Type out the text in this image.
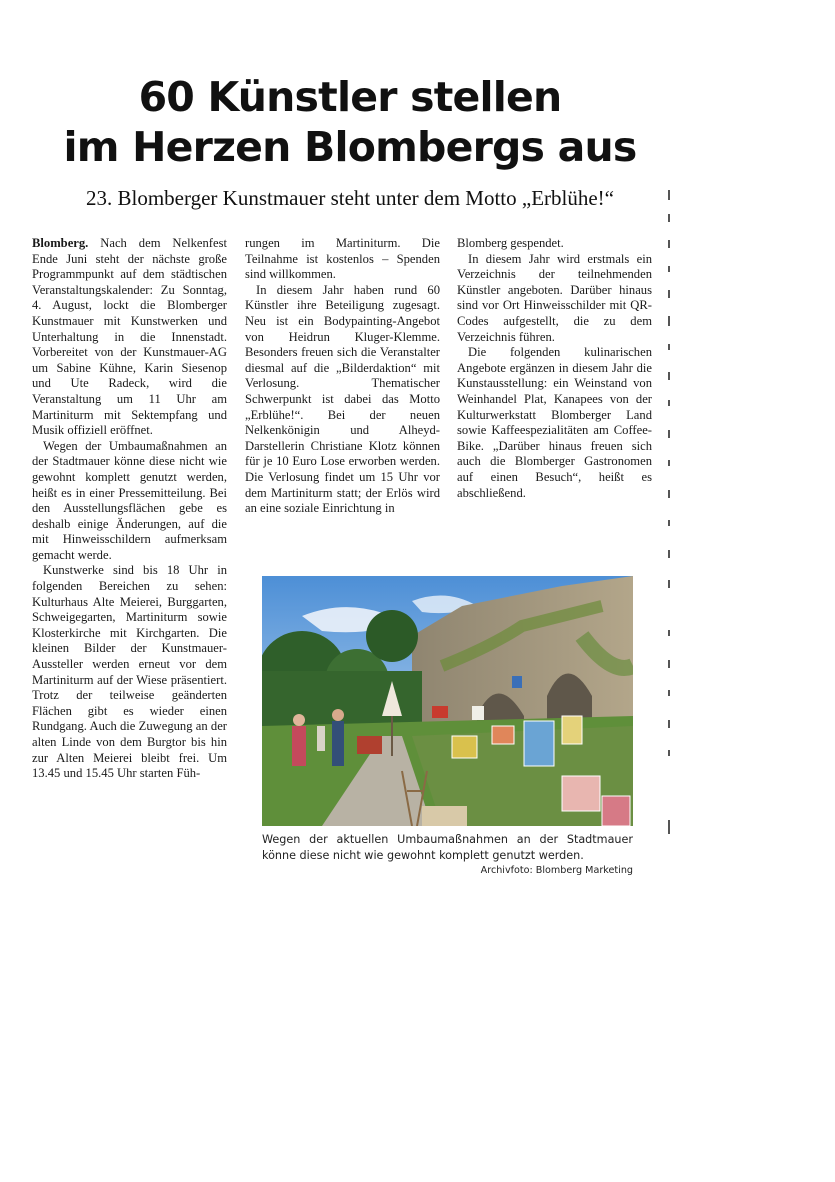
60 Künstler stellen
im Herzen Blombergs aus

23. Blomberger Kunstmauer steht unter dem Motto „Erblühe!“

Blomberg. Nach dem Nelkenfest Ende Juni steht der nächste große Programmpunkt auf dem städtischen Veranstaltungskalender: Zu Sonntag, 4. August, lockt die Blomberger Kunstmauer mit Kunstwerken und Unterhaltung in die Innenstadt. Vorbereitet von der Kunstmauer-AG um Sabine Kühne, Karin Siesenop und Ute Radeck, wird die Veranstaltung um 11 Uhr am Martiniturm mit Sektempfang und Musik offiziell eröffnet.

Wegen der Umbaumaßnahmen an der Stadtmauer könne diese nicht wie gewohnt komplett genutzt werden, heißt es in einer Pressemitteilung. Bei den Ausstellungsflächen gebe es deshalb einige Änderungen, auf die mit Hinweisschildern aufmerksam gemacht werde.

Kunstwerke sind bis 18 Uhr in folgenden Bereichen zu sehen: Kulturhaus Alte Meierei, Burggarten, Schweigegarten, Martiniturm sowie Klosterkirche mit Kirchgarten. Die kleinen Bilder der Kunstmauer-Aussteller werden erneut vor dem Martiniturm auf der Wiese präsentiert. Trotz der teilweise geänderten Flächen gibt es wieder einen Rundgang. Auch die Zuwegung an der alten Linde von dem Burgtor bis hin zur Alten Meierei bleibt frei. Um 13.45 und 15.45 Uhr starten Füh-

rungen im Martiniturm. Die Teilnahme ist kostenlos – Spenden sind willkommen.

In diesem Jahr haben rund 60 Künstler ihre Beteiligung zugesagt. Neu ist ein Bodypainting-Angebot von Heidrun Kluger-Klemme. Besonders freuen sich die Veranstalter diesmal auf die „Bilderdaktion“ mit Verlosung. Thematischer Schwerpunkt ist dabei das Motto „Erblühe!“. Bei der neuen Nelkenkönigin und Alheyd-Darstellerin Christiane Klotz können für je 10 Euro Lose erworben werden. Die Verlosung findet um 15 Uhr vor dem Martiniturm statt; der Erlös wird an eine soziale Einrichtung in

Blomberg gespendet.

In diesem Jahr wird erstmals ein Verzeichnis der teilnehmenden Künstler angeboten. Darüber hinaus sind vor Ort Hinweisschilder mit QR-Codes aufgestellt, die zu dem Verzeichnis führen.

Die folgenden kulinarischen Angebote ergänzen in diesem Jahr die Kunstausstellung: ein Weinstand von Weinhandel Plat, Kanapees von der Kulturwerkstatt Blomberger Land sowie Kaffeespezialitäten am Coffee-Bike. „Darüber hinaus freuen sich auch die Blomberger Gastronomen auf einen Besuch“, heißt es abschließend.

Wegen der aktuellen Umbaumaßnahmen an der Stadtmauer könne diese nicht wie gewohnt komplett genutzt werden.
Archivfoto: Blomberg Marketing
